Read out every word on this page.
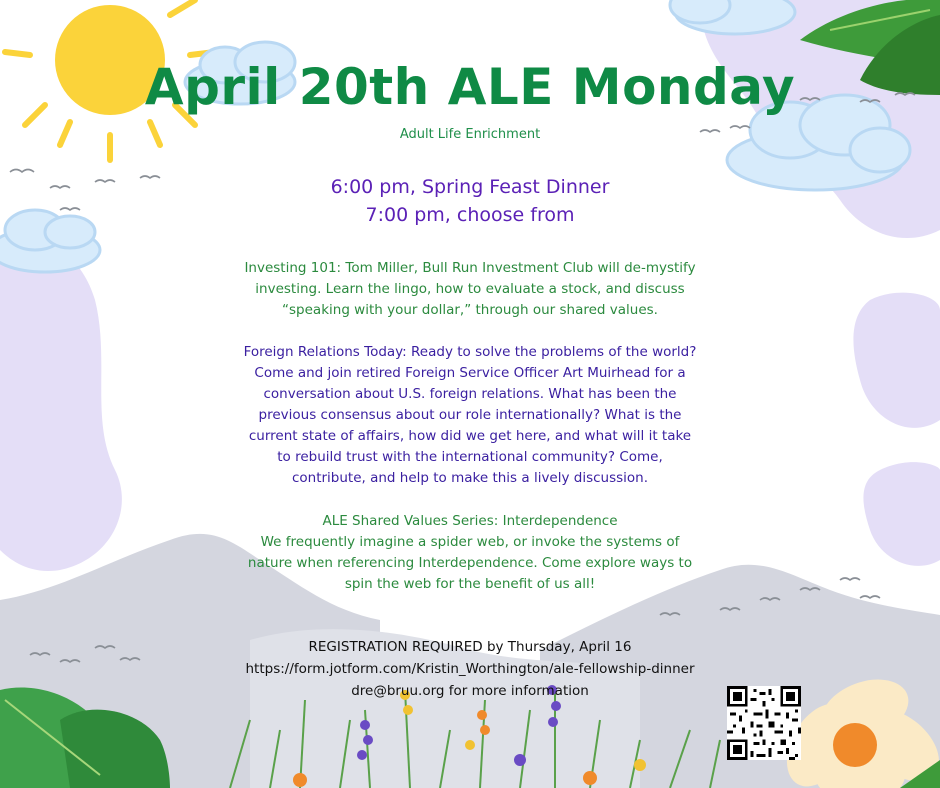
April 20th ALE Monday
Adult Life Enrichment
6:00 pm, Spring Feast Dinner
7:00 pm, choose from
Investing 101: Tom Miller, Bull Run Investment Club will de-mystify
investing. Learn the lingo, how to evaluate a stock, and discuss
“speaking with your dollar,” through our shared values.
Foreign Relations Today: Ready to solve the problems of the world?
Come and join retired Foreign Service Officer Art Muirhead for a
conversation about U.S. foreign relations. What has been the
previous consensus about our role internationally? What is the
current state of affairs, how did we get here, and what will it take
to rebuild trust with the international community? Come,
contribute, and help to make this a lively discussion.
ALE Shared Values Series: Interdependence
We frequently imagine a spider web, or invoke the systems of
nature when referencing Interdependence. Come explore ways to
spin the web for the benefit of us all!
REGISTRATION REQUIRED by Thursday, April 16
https://form.jotform.com/Kristin_Worthington/ale-fellowship-dinner
dre@bruu.org for more information
